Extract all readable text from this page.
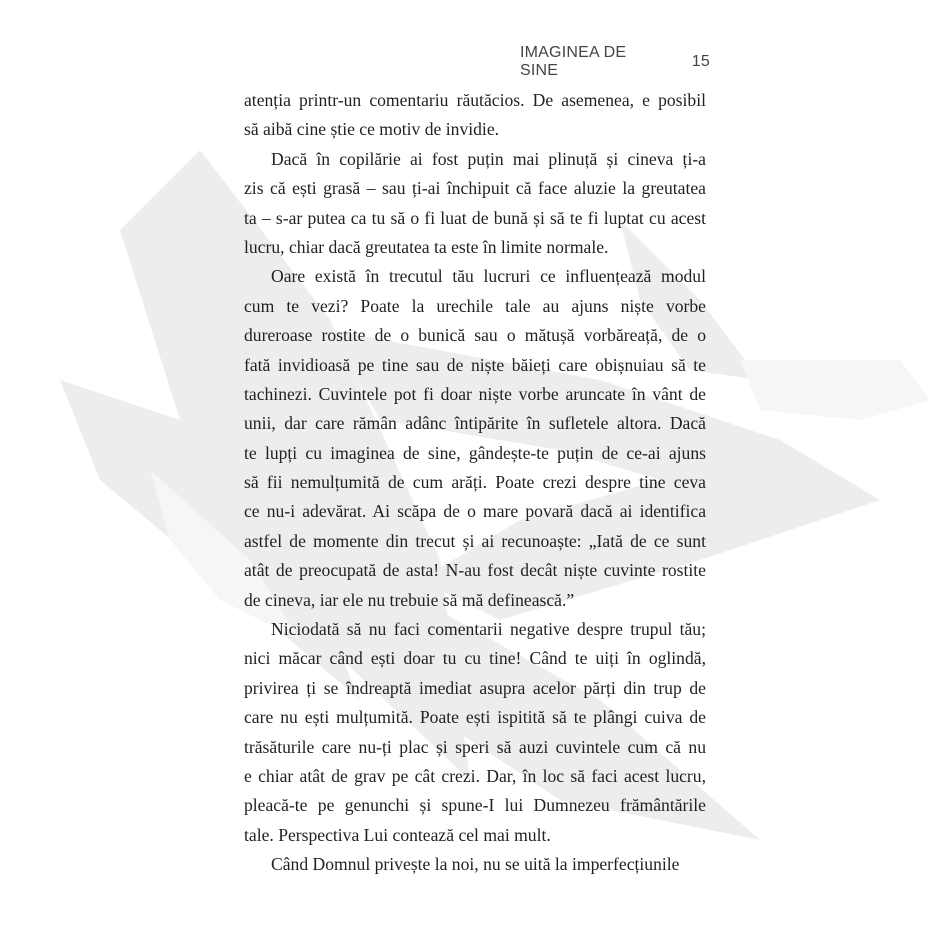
IMAGINEA DE SINE
15
atenția printr-un comentariu răutăcios. De asemenea, e posibil
să aibă cine știe ce motiv de invidie.
Dacă în copilărie ai fost puțin mai plinuță și cineva ți-a
zis că ești grasă – sau ți-ai închipuit că face aluzie la greutatea
ta – s-ar putea ca tu să o fi luat de bună și să te fi luptat cu acest
lucru, chiar dacă greutatea ta este în limite normale.
Oare există în trecutul tău lucruri ce influențează modul
cum te vezi? Poate la urechile tale au ajuns niște vorbe
dureroase rostite de o bunică sau o mătușă vorbăreață, de o
fată invidioasă pe tine sau de niște băieți care obișnuiau să te
tachinezi. Cuvintele pot fi doar niște vorbe aruncate în vânt de
unii, dar care rămân adânc întipărite în sufletele altora. Dacă
te lupți cu imaginea de sine, gândește-te puțin de ce-ai ajuns
să fii nemulțumită de cum arăți. Poate crezi despre tine ceva
ce nu-i adevărat. Ai scăpa de o mare povară dacă ai identifica
astfel de momente din trecut și ai recunoaște: „Iată de ce sunt
atât de preocupată de asta! N-au fost decât niște cuvinte rostite
de cineva, iar ele nu trebuie să mă definească.”
Niciodată să nu faci comentarii negative despre trupul tău;
nici măcar când ești doar tu cu tine! Când te uiți în oglindă,
privirea ți se îndreaptă imediat asupra acelor părți din trup de
care nu ești mulțumită. Poate ești ispitită să te plângi cuiva de
trăsăturile care nu-ți plac și speri să auzi cuvintele cum că nu
e chiar atât de grav pe cât crezi. Dar, în loc să faci acest lucru,
pleacă-te pe genunchi și spune-I lui Dumnezeu frământările
tale. Perspectiva Lui contează cel mai mult.
Când Domnul privește la noi, nu se uită la imperfecțiunile
